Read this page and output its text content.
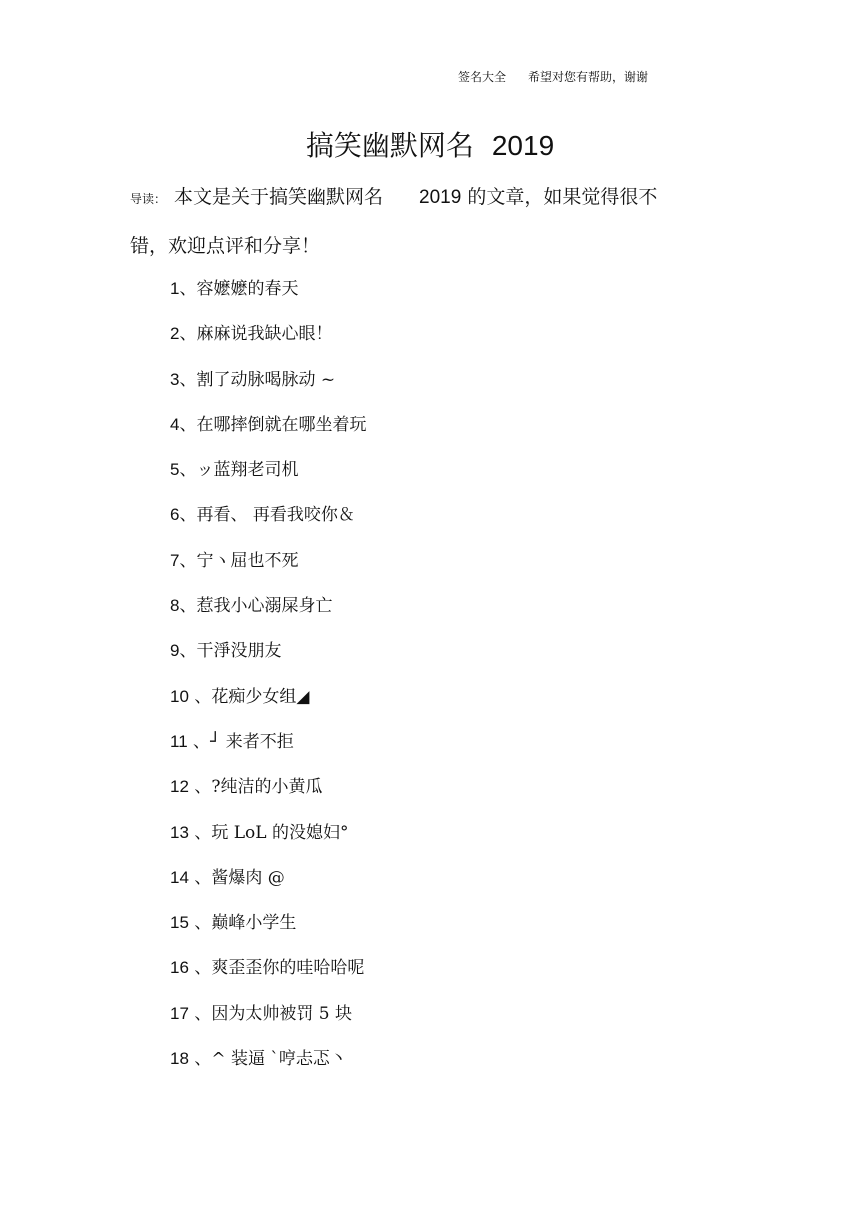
签名大全 希望对您有帮助，谢谢
搞笑幽默网名 2019
导读： 本文是关于搞笑幽默网名 2019 的文章，如果觉得很不
错，欢迎点评和分享！
1、容嬷嬷的春天
2、麻麻说我缺心眼！
3、割了动脉喝脉动 ~
4、在哪摔倒就在哪坐着玩
5、ッ蓝翔老司机
6、再看、 再看我咬你＆
7、宁ヽ屈也不死
8、惹我小心溺屎身亡
9、干淨没朋友
10 、花痴少女组◢
11 、┘ 来者不拒
12 、?纯洁的小黄瓜
13 、玩 LoL 的没媳妇°
14 、酱爆肉 @
15 、巅峰小学生
16 、爽歪歪你的哇哈哈呢
17 、因为太帅被罚 5 块
18 、^ 装逼 `哼忐忑丶
